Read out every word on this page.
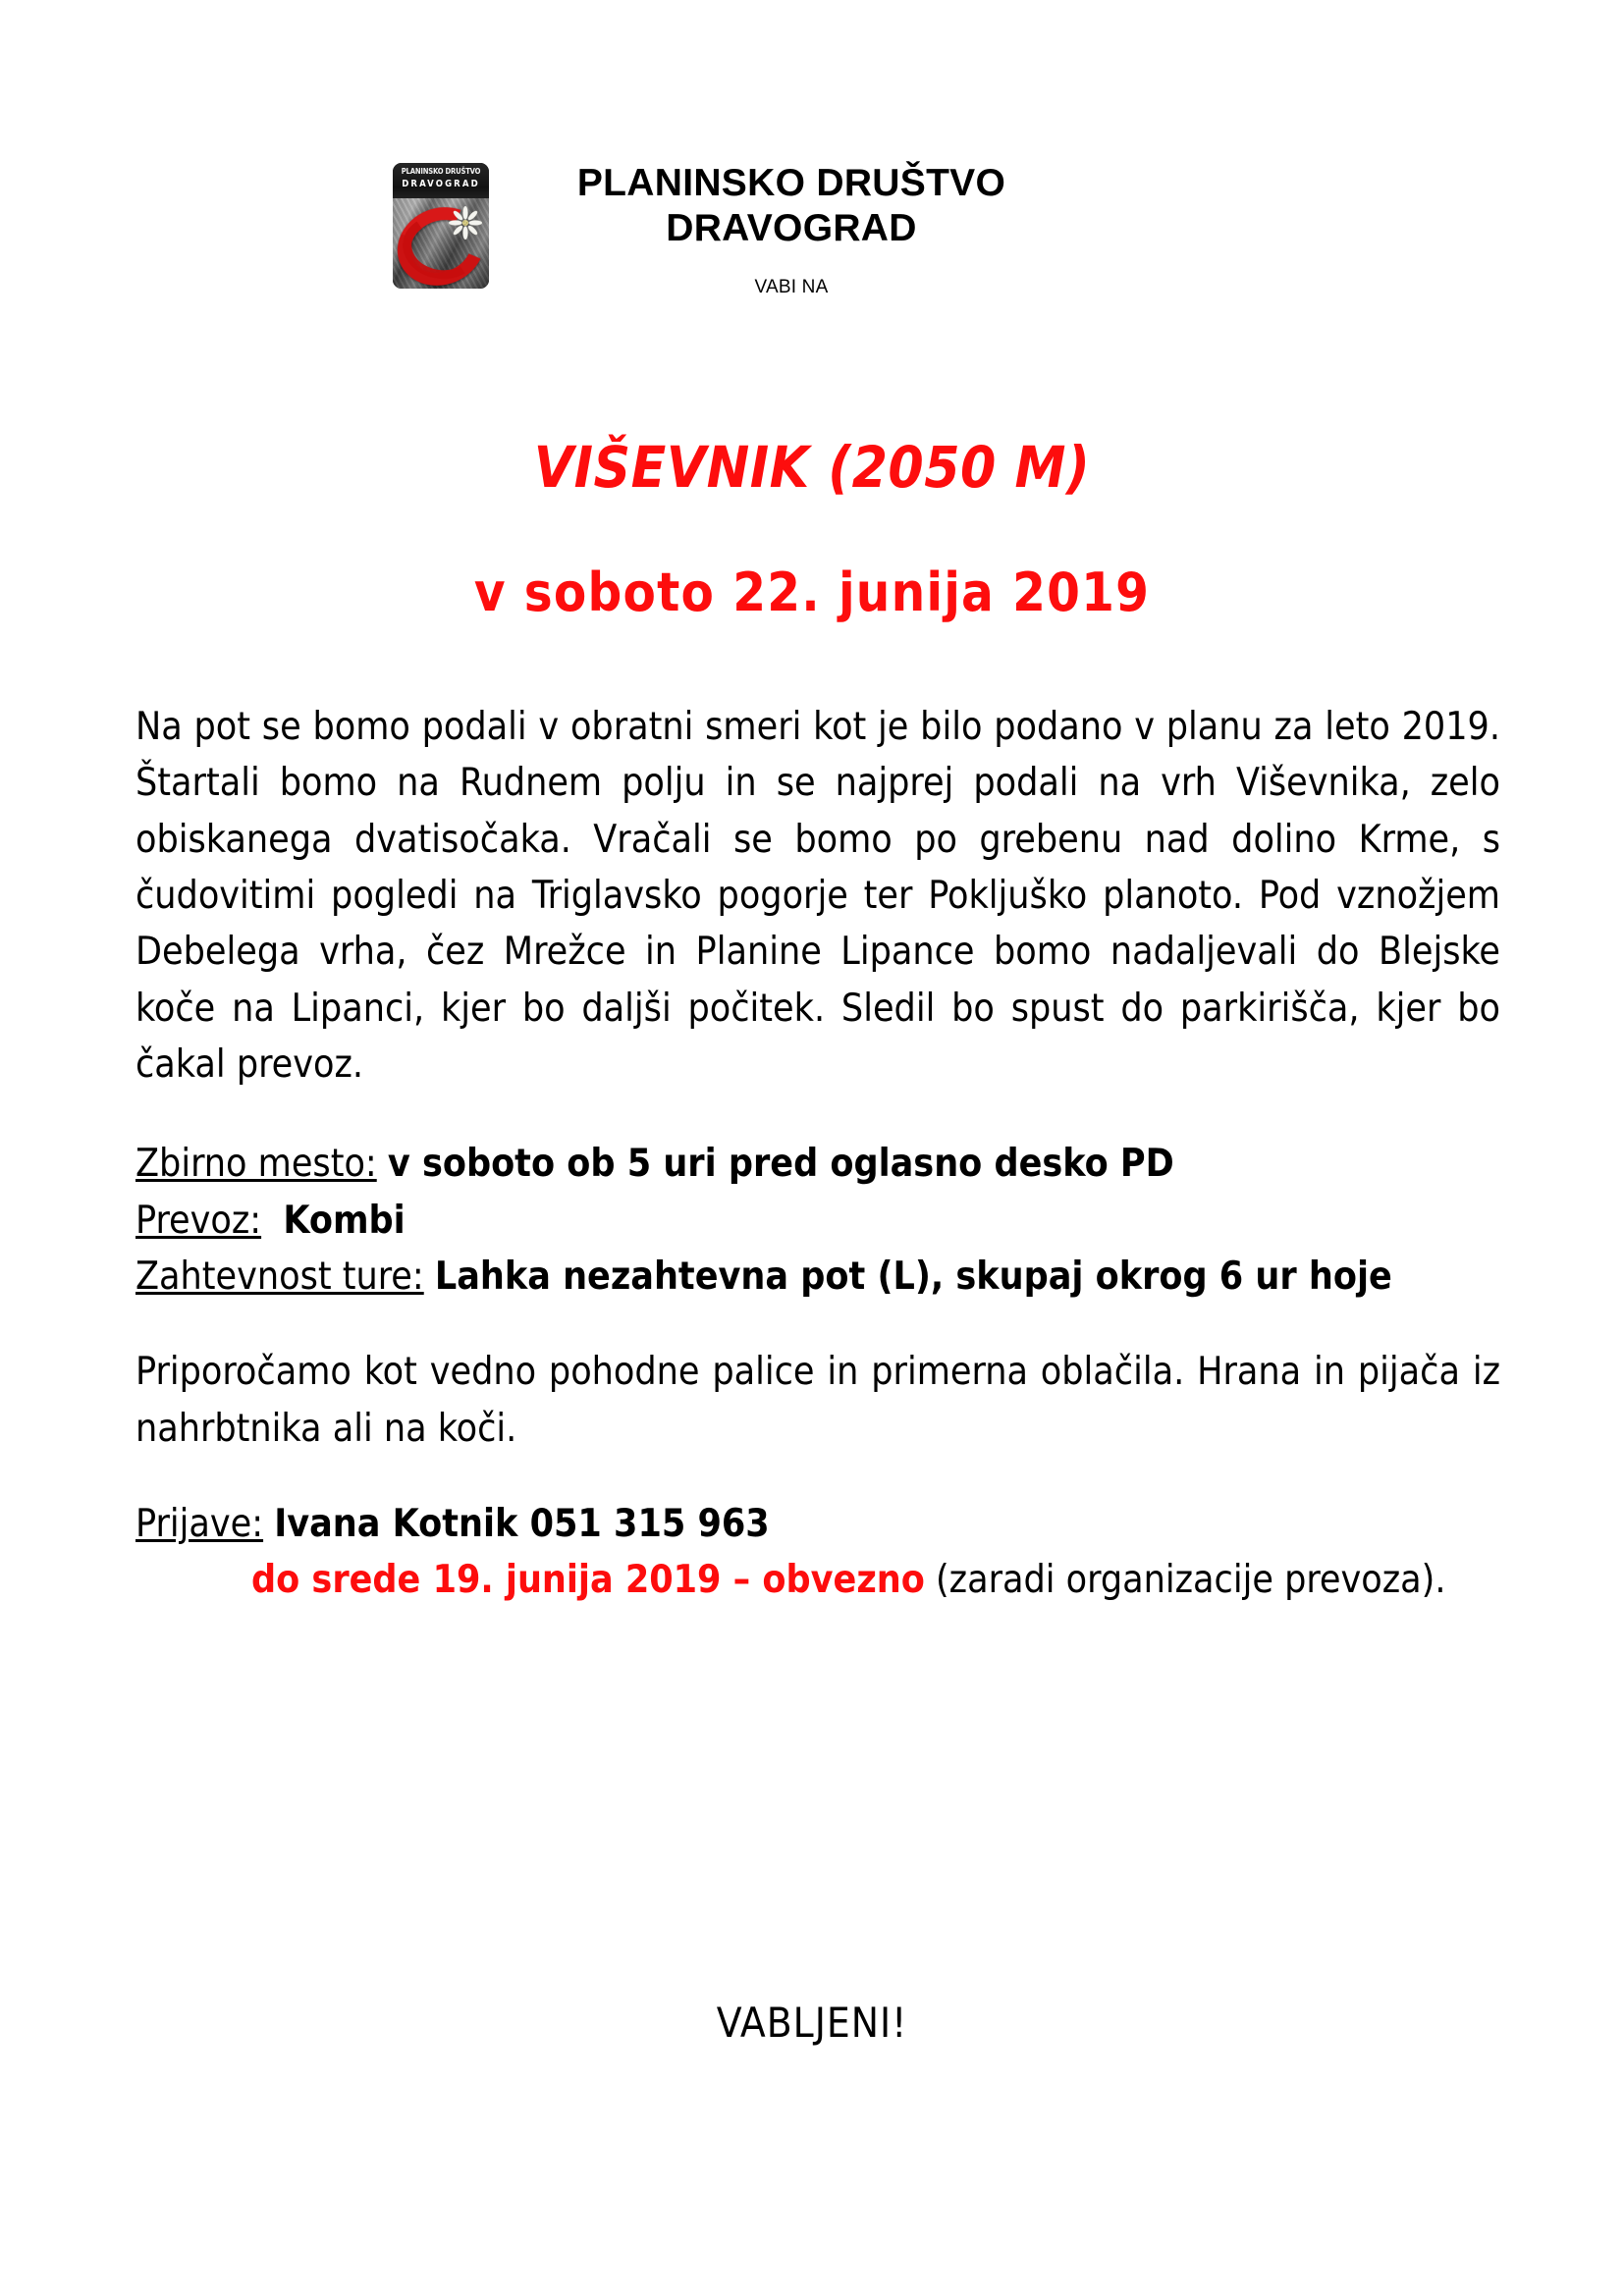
PLANINSKO DRUŠTVO
DRAVOGRAD	PLANINSKO DRUŠTVO
DRAVOGRAD
VABI NA
VIŠEVNIK (2050 M)
v soboto 22. junija 2019

Na pot se bomo podali v obratni smeri kot je bilo podano v planu za leto 2019. Štartali bomo na Rudnem polju in se najprej podali na vrh Viševnika, zelo obiskanega dvatisočaka. Vračali se bomo po grebenu nad dolino Krme, s čudovitimi pogledi na Triglavsko pogorje ter Pokljuško planoto. Pod vznožjem Debelega vrha, čez Mrežce in Planine Lipance bomo nadaljevali do Blejske koče na Lipanci, kjer bo daljši počitek. Sledil bo spust do parkirišča, kjer bo čakal prevoz.

Zbirno mesto: v soboto ob 5 uri pred oglasno desko PD

Prevoz: Kombi

Zahtevnost ture: Lahka nezahtevna pot (L), skupaj okrog 6 ur hoje

Priporočamo kot vedno pohodne palice in primerna oblačila. Hrana in pijača iz nahrbtnika ali na koči.

Prijave: Ivana Kotnik 051 315 963

do srede 19. junija 2019 – obvezno (zaradi organizacije prevoza).

VABLJENI!
